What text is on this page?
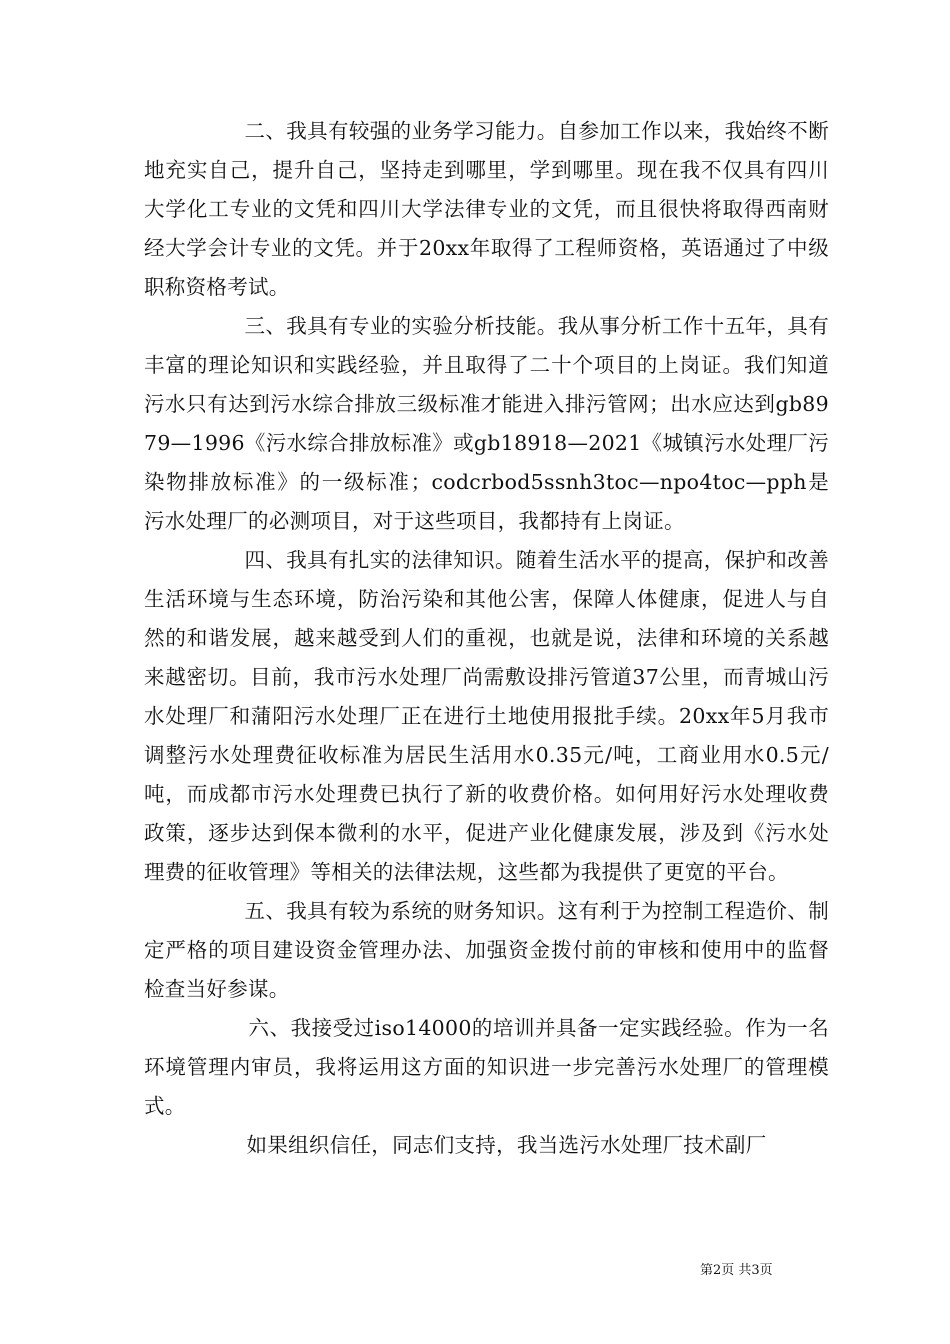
二、我具有较强的业务学习能力。自参加工作以来，我始终不断地充实自己，提升自己，坚持走到哪里，学到哪里。现在我不仅具有四川大学化工专业的文凭和四川大学法律专业的文凭，而且很快将取得西南财经大学会计专业的文凭。并于20xx年取得了工程师资格，英语通过了中级职称资格考试。

三、我具有专业的实验分析技能。我从事分析工作十五年，具有丰富的理论知识和实践经验，并且取得了二十个项目的上岗证。我们知道污水只有达到污水综合排放三级标准才能进入排污管网；出水应达到gb8979—1996《污水综合排放标准》或gb18918—2021《城镇污水处理厂污染物排放标准》的一级标准；codcrbod5ssnh3toc—npo4toc—pph是污水处理厂的必测项目，对于这些项目，我都持有上岗证。

四、我具有扎实的法律知识。随着生活水平的提高，保护和改善生活环境与生态环境，防治污染和其他公害，保障人体健康，促进人与自然的和谐发展，越来越受到人们的重视，也就是说，法律和环境的关系越来越密切。目前，我市污水处理厂尚需敷设排污管道37公里，而青城山污水处理厂和蒲阳污水处理厂正在进行土地使用报批手续。20xx年5月我市调整污水处理费征收标准为居民生活用水0.35元/吨，工商业用水0.5元/吨，而成都市污水处理费已执行了新的收费价格。如何用好污水处理收费政策，逐步达到保本微利的水平，促进产业化健康发展，涉及到《污水处理费的征收管理》等相关的法律法规，这些都为我提供了更宽的平台。

五、我具有较为系统的财务知识。这有利于为控制工程造价、制定严格的项目建设资金管理办法、加强资金拨付前的审核和使用中的监督检查当好参谋。

六、我接受过iso14000的培训并具备一定实践经验。作为一名环境管理内审员，我将运用这方面的知识进一步完善污水处理厂的管理模式。

如果组织信任，同志们支持，我当选污水处理厂技术副厂

第2页 共3页
